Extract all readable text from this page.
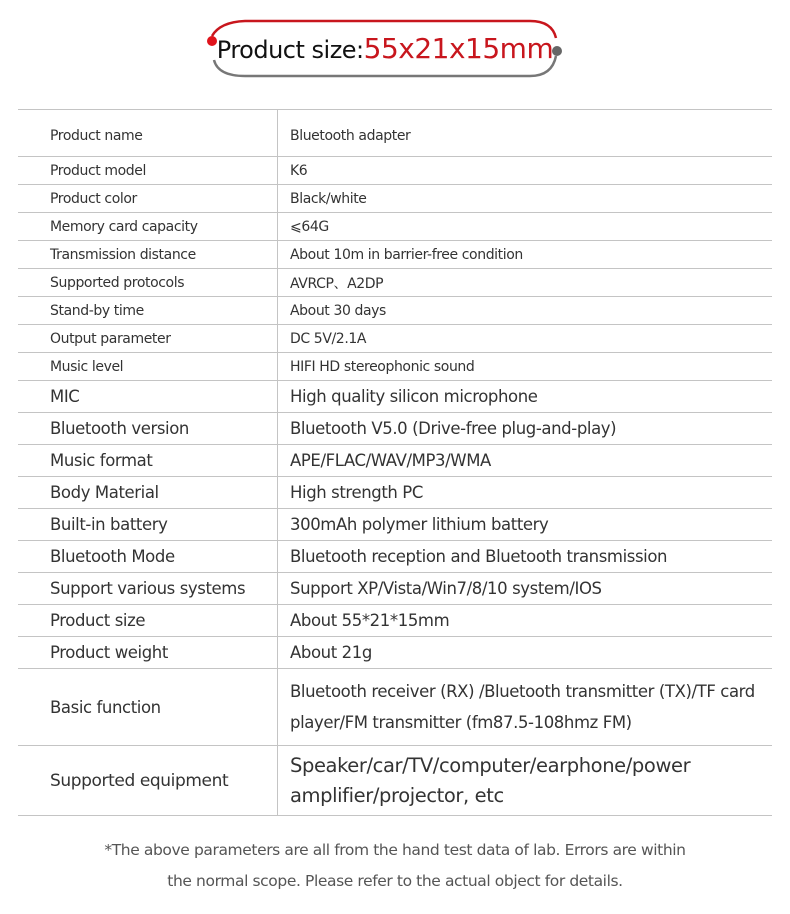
Product size:55x21x15mm
Product name	Bluetooth adapter
Product model	K6
Product color	Black/white
Memory card capacity	⩽64G
Transmission distance	About 10m in barrier-free condition
Supported protocols	AVRCP、A2DP
Stand-by time	About 30 days
Output parameter	DC 5V/2.1A
Music level	HIFI HD stereophonic sound
MIC	High quality silicon microphone
Bluetooth version	Bluetooth V5.0 (Drive-free plug-and-play)
Music format	APE/FLAC/WAV/MP3/WMA
Body Material	High strength PC
Built-in battery	300mAh polymer lithium battery
Bluetooth Mode	Bluetooth reception and Bluetooth transmission
Support various systems	Support XP/Vista/Win7/8/10 system/IOS
Product size	About 55*21*15mm
Product weight	About 21g
Basic function	Bluetooth receiver (RX) /Bluetooth transmitter (TX)/TF card player/FM transmitter (fm87.5-108hmz FM)
Supported equipment	Speaker/car/TV/computer/earphone/power amplifier/projector, etc
*The above parameters are all from the hand test data of lab. Errors are within
the normal scope. Please refer to the actual object for details.
